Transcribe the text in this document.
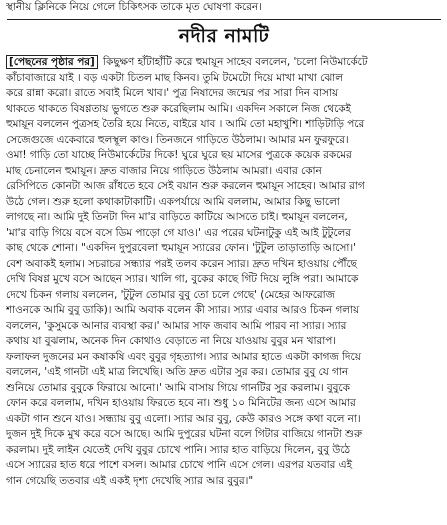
স্থানীয় ক্লিনিকে নিয়ে গেলে চিকিৎসক তাকে মৃত ঘোষণা করেন।
নদীর নামটি
[পেছনের পৃষ্ঠার পর] কিছুক্ষণ হাঁটাহাঁটি করে হুমায়ূন সাহেব বললেন, 'চলো নিউমার্কেটে
কাঁচাবাজারে যাই । বড় একটা চিতল মাছ কিনব। তুমি টমেটো দিয়ে মাখা মাখা ঝোল
করে রান্না করো। রাতে সবাই মিলে খাব।' পুত্র নিষাদের জন্মের পর সারা দিন বাসায়
থাকতে থাকতে বিষণ্ণতায় ভুগতে শুরু করেছিলাম আমি। একদিন সকালে নিজ থেকেই
হুমায়ূন বললেন পুত্রসহ তৈরি হয়ে নিতে, বাইরে যাব । আমি তো মহাখুশি। শাড়িটাড়ি পরে
সেজেগুজে একেবারে হুলস্থূল কাণ্ড। তিনজনে গাড়িতে উঠলাম। আমার মন ফুরফুরে।
ওমা! গাড়ি তো যাচ্ছে নিউমার্কেটের দিকে! ঘুরে ঘুরে ছয় মাসের পুত্রকে কয়েক রকমের
মাছ চেনালেন হুমায়ূন। দ্রুত বাজার নিয়ে গাড়িতে উঠলাম আমরা। এবার কোন
রেসিপিতে কোনটা আজ রাঁধতে হবে সেই বয়ান শুরু করলেন হুমায়ূন সাহেব। আমার রাগ
উঠে গেল। শুরু হলো কথাকাটাকাটি। একপর্যায়ে আমি বললাম, আমার কিছু ভালো
লাগছে না। আমি দুই তিনটা দিন মা'র বাড়িতে কাটিয়ে আসতে চাই। হুমায়ূন বললেন,
'মা'র বাড়ি গিয়ে বসে বসে ডিম পাড়ো গে যাও।' এর পরের ঘটনাটুকু এই আই টুটুলের
কাছ থেকে শোনা। "একদিন দুপুরবেলা হুমায়ূন স্যারের ফোন। 'টুটুল তাড়াতাড়ি আসো।'
বেশ অবাকই হলাম। সচরাচর সন্ধ্যার পরই তলব করেন স্যার। দ্রুত দখিন হাওয়ায় পৌঁছে
দেখি বিষণ্ণ মুখে বসে আছেন স্যার। খালি গা, বুকের কাছে গিঁট দিয়ে লুঙ্গি পরা। আমাকে
দেখে চিকন গলায় বললেন, 'টুটুল তোমার বুবু তো চলে গেছে' (মেহের আফরোজ
শাওনকে আমি বুবু ডাকি)। আমি অবাক বলেন কী স্যার। স্যার এবার আরও চিকন গলায়
বললেন, 'কুসুমকে আনার ব্যবস্থা কর।' আমার সাফ জবাব আমি পারব না স্যার। স্যার
কথায় যা বুঝলাম, অনেক দিন কোথাও বেড়াতে না নিয়ে যাওয়ায় বুবুর মন খারাপ।
ফলাফল দুজনের মন কষাকষি এবং বুবুর গৃহত্যাগ। স্যার আমার হাতে একটা কাগজ দিয়ে
বললেন, 'এই গানটা এই মাত্র লিখেছি। অতি দ্রুত এটার সুর কর। তোমার বুবু যে গান
শুনিয়ে তোমার বুবুকে ফিরায়ে আনো।' আমি বাসায় গিয়ে গানটির সুর করলাম। বুবুকে
ফোন করে বললাম, দখিন হাওয়ায় ফিরতে হবে না। শুধু ১০ মিনিটের জন্য এসে আমার
একটা গান শুনে যাও। সন্ধ্যায় বুবু এলো। স্যার আর বুবু, কেউ কারও সঙ্গে কথা বলে না।
দুজন দুই দিকে মুখ করে বসে আছে। আমি দুপুরের ঘটনা বলে গিটার বাজিয়ে গানটা শুরু
করলাম। দুই লাইন যেতেই দেখি বুবুর চোখে পানি। স্যার হাত বাড়িয়ে দিলেন, বুবু উঠে
এসে স্যারের হাত ধরে পাশে বসল। আমার চোখে পানি এসে গেল। এরপর যতবার এই
গান গেয়েছি ততবার এই একই দৃশ্য দেখেছি স্যার আর বুবুর।"
